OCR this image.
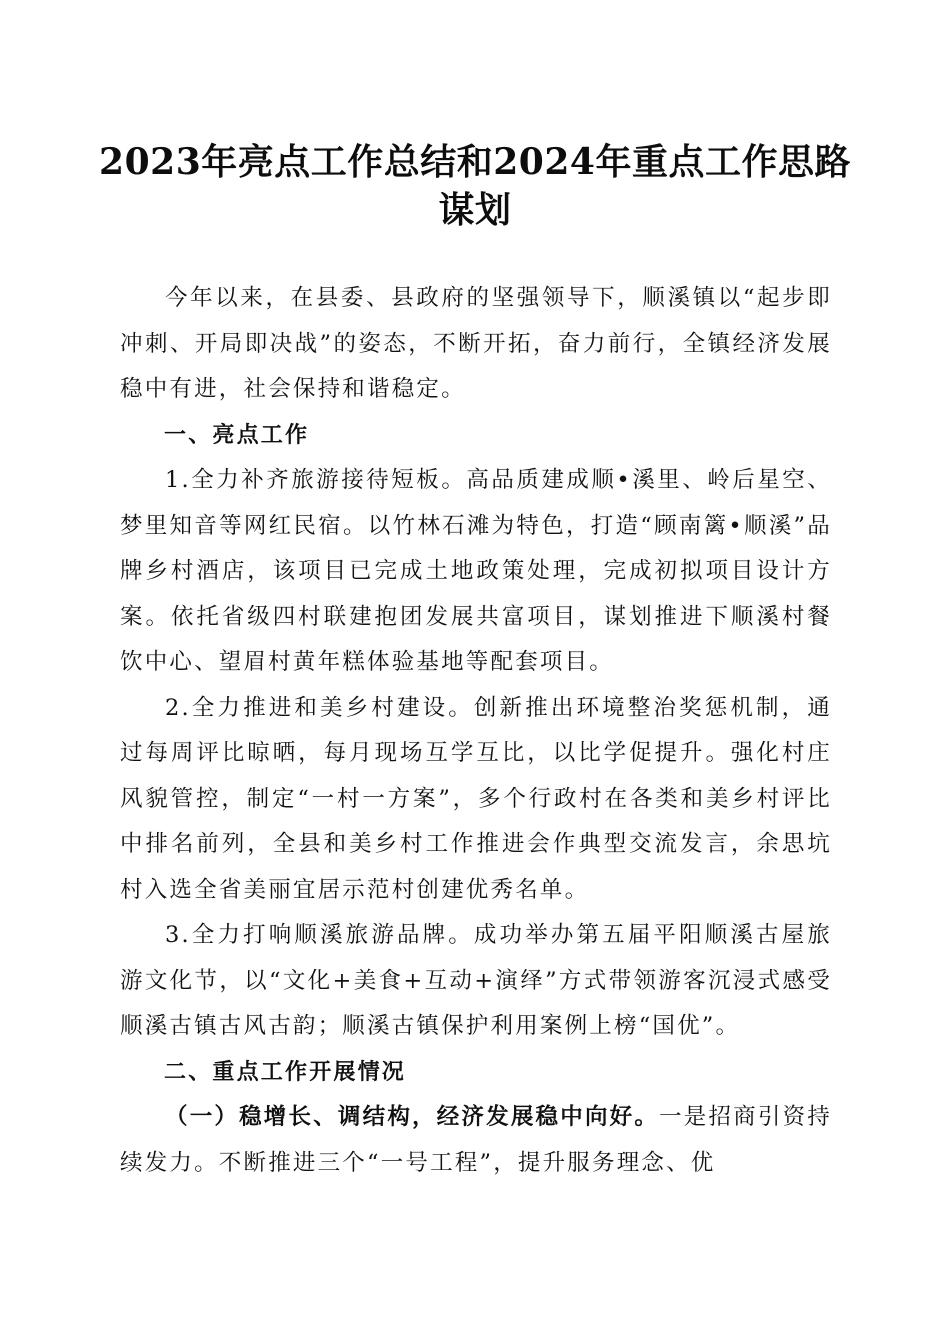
2023年亮点工作总结和2024年重点工作思路
谋划

今年以来，在县委、县政府的坚强领导下，顺溪镇以“起步即冲刺、开局即决战”的姿态，不断开拓，奋力前行，全镇经济发展稳中有进，社会保持和谐稳定。

一、亮点工作

1.全力补齐旅游接待短板。高品质建成顺•溪里、岭后星空、梦里知音等网红民宿。以竹林石滩为特色，打造“顾南篱•顺溪”品牌乡村酒店，该项目已完成土地政策处理，完成初拟项目设计方案。依托省级四村联建抱团发展共富项目，谋划推进下顺溪村餐饮中心、望眉村黄年糕体验基地等配套项目。

2.全力推进和美乡村建设。创新推出环境整治奖惩机制，通过每周评比晾晒，每月现场互学互比，以比学促提升。强化村庄风貌管控，制定“一村一方案”，多个行政村在各类和美乡村评比中排名前列，全县和美乡村工作推进会作典型交流发言，余思坑村入选全省美丽宜居示范村创建优秀名单。

3.全力打响顺溪旅游品牌。成功举办第五届平阳顺溪古屋旅游文化节，以“文化+美食+互动+演绎”方式带领游客沉浸式感受顺溪古镇古风古韵；顺溪古镇保护利用案例上榜“国优”。

二、重点工作开展情况

（一）稳增长、调结构，经济发展稳中向好。一是招商引资持续发力。不断推进三个“一号工程”，提升服务理念、优
